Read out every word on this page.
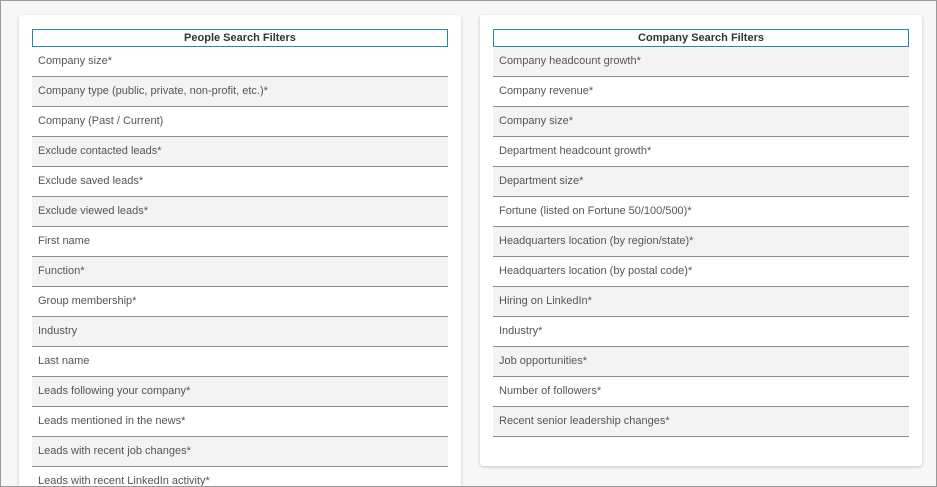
People Search Filters
Company size*
Company type (public, private, non-profit, etc.)*
Company (Past / Current)
Exclude contacted leads*
Exclude saved leads*
Exclude viewed leads*
First name
Function*
Group membership*
Industry
Last name
Leads following your company*
Leads mentioned in the news*
Leads with recent job changes*
Leads with recent LinkedIn activity*
Company Search Filters
Company headcount growth*
Company revenue*
Company size*
Department headcount growth*
Department size*
Fortune (listed on Fortune 50/100/500)*
Headquarters location (by region/state)*
Headquarters location (by postal code)*
Hiring on LinkedIn*
Industry*
Job opportunities*
Number of followers*
Recent senior leadership changes*
